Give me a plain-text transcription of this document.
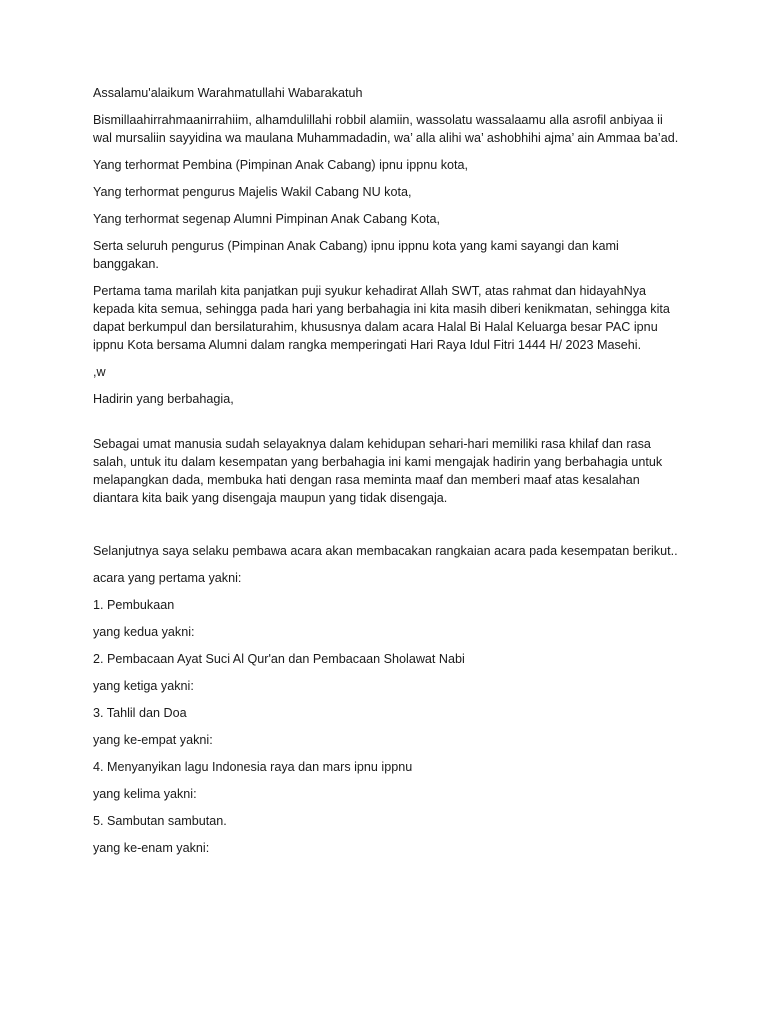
Assalamu'alaikum Warahmatullahi Wabarakatuh

Bismillaahirrahmaanirrahiim, alhamdulillahi robbil alamiin, wassolatu wassalaamu alla asrofil anbiyaa ii wal mursaliin sayyidina wa maulana Muhammadadin, wa’ alla alihi wa’ ashobhihi ajma’ ain Ammaa ba’ad.

Yang terhormat Pembina (Pimpinan Anak Cabang) ipnu ippnu kota,

Yang terhormat pengurus Majelis Wakil Cabang NU kota,

Yang terhormat segenap Alumni Pimpinan Anak Cabang Kota,

Serta seluruh pengurus (Pimpinan Anak Cabang) ipnu ippnu kota yang kami sayangi dan kami banggakan.

Pertama tama marilah kita panjatkan puji syukur kehadirat Allah SWT, atas rahmat dan hidayahNya kepada kita semua, sehingga pada hari yang berbahagia ini kita masih diberi kenikmatan, sehingga kita dapat berkumpul dan bersilaturahim, khususnya dalam acara Halal Bi Halal Keluarga besar PAC ipnu ippnu Kota bersama Alumni dalam rangka memperingati Hari Raya Idul Fitri 1444 H/ 2023 Masehi.

,w

Hadirin yang berbahagia,

Sebagai umat manusia sudah selayaknya dalam kehidupan sehari-hari memiliki rasa khilaf dan rasa salah, untuk itu dalam kesempatan yang berbahagia ini kami mengajak hadirin yang berbahagia untuk melapangkan dada, membuka hati dengan rasa meminta maaf dan memberi maaf atas kesalahan diantara kita baik yang disengaja maupun yang tidak disengaja.

Selanjutnya saya selaku pembawa acara akan membacakan rangkaian acara pada kesempatan berikut..

acara yang pertama yakni:

1. Pembukaan

yang kedua yakni:

2. Pembacaan Ayat Suci Al Qur'an dan Pembacaan Sholawat Nabi

yang ketiga yakni:

3. Tahlil dan Doa

yang ke-empat yakni:

4. Menyanyikan lagu Indonesia raya dan mars ipnu ippnu

yang kelima yakni:

5. Sambutan sambutan.

yang ke-enam yakni:
